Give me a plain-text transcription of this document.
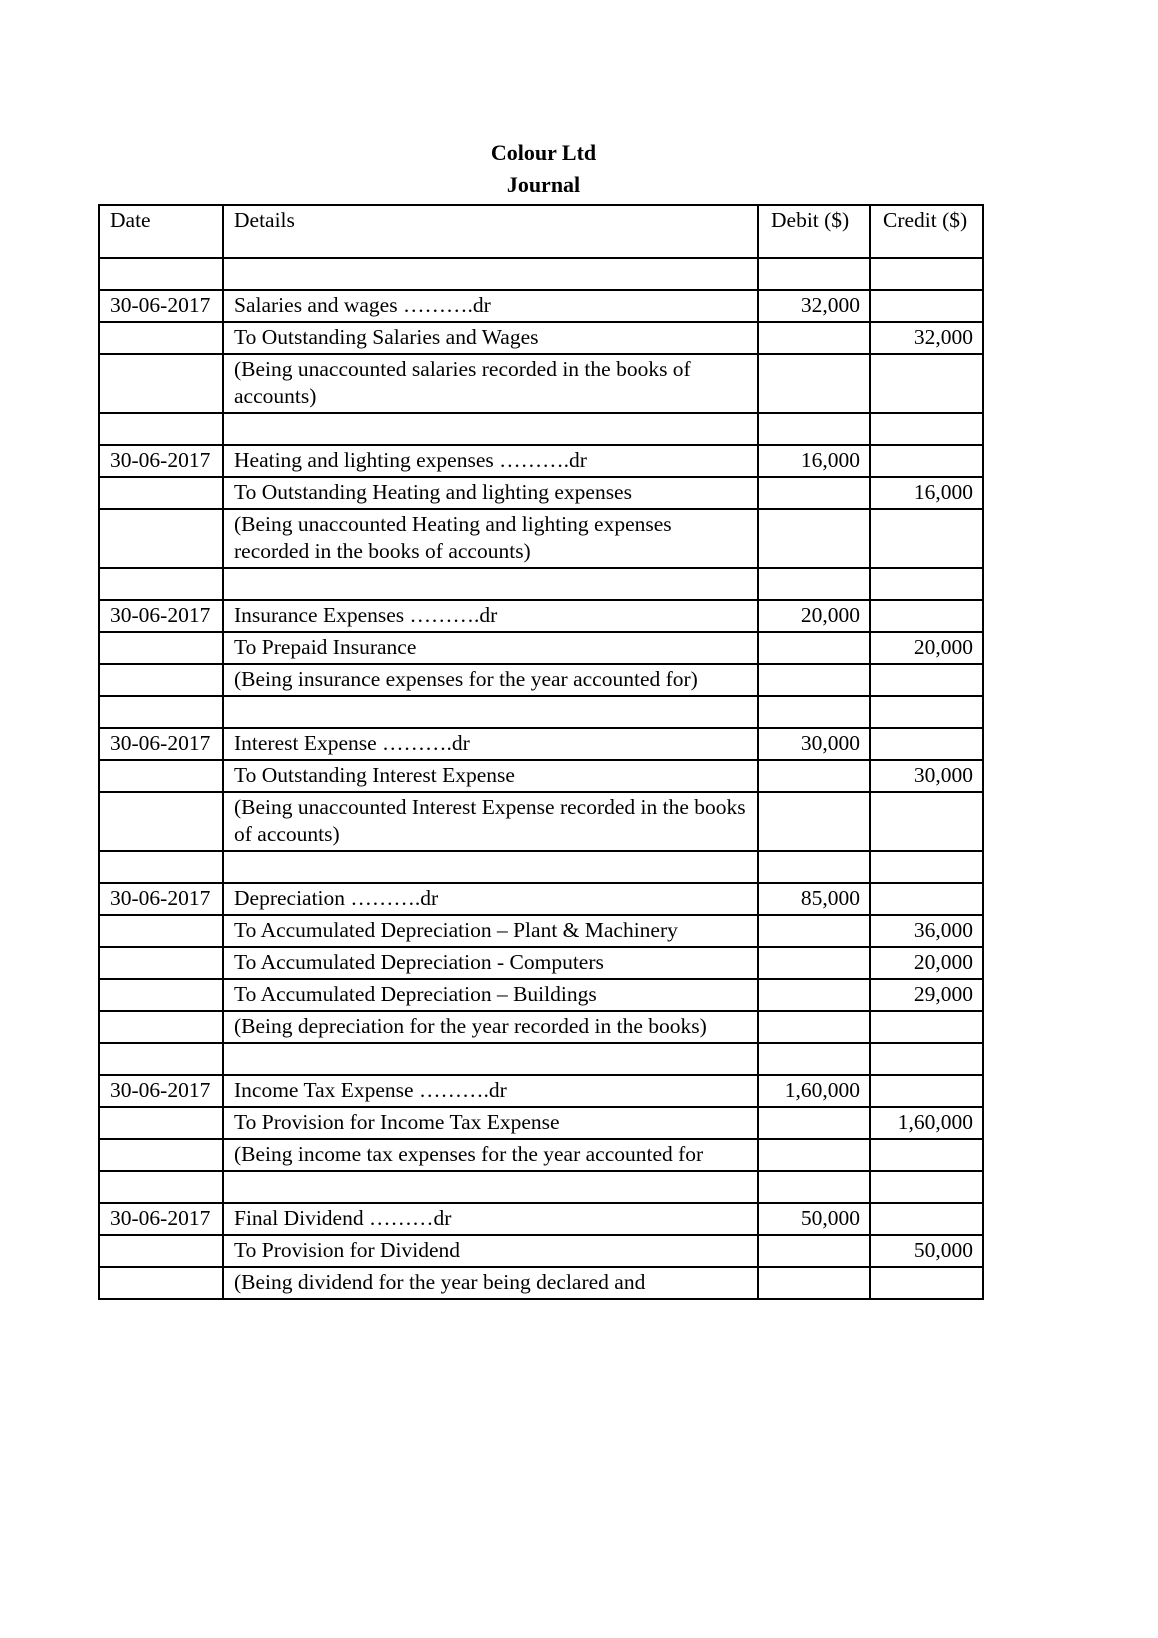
Colour Ltd
Journal
Date	Details	Debit ($)	Credit ($)

30-06-2017	Salaries and wages ……….dr	32,000	
	To Outstanding Salaries and Wages		32,000
	(Being unaccounted salaries recorded in the books of accounts)		

30-06-2017	Heating and lighting expenses ……….dr	16,000	
	To Outstanding Heating and lighting expenses		16,000
	(Being unaccounted Heating and lighting expenses recorded in the books of accounts)		

30-06-2017	Insurance Expenses ……….dr	20,000	
	To Prepaid Insurance		20,000
	(Being insurance expenses for the year accounted for)		

30-06-2017	Interest Expense ……….dr	30,000	
	To Outstanding Interest Expense		30,000
	(Being unaccounted Interest Expense recorded in the books of accounts)		

30-06-2017	Depreciation ……….dr	85,000	
	To Accumulated Depreciation – Plant & Machinery		36,000
	To Accumulated Depreciation - Computers		20,000
	To Accumulated Depreciation – Buildings		29,000
	(Being depreciation for the year recorded in the books)		

30-06-2017	Income Tax Expense ……….dr	1,60,000	
	To Provision for Income Tax Expense		1,60,000
	(Being income tax expenses for the year accounted for		

30-06-2017	Final Dividend ………dr	50,000	
	To Provision for Dividend		50,000
	(Being dividend for the year being declared and		
